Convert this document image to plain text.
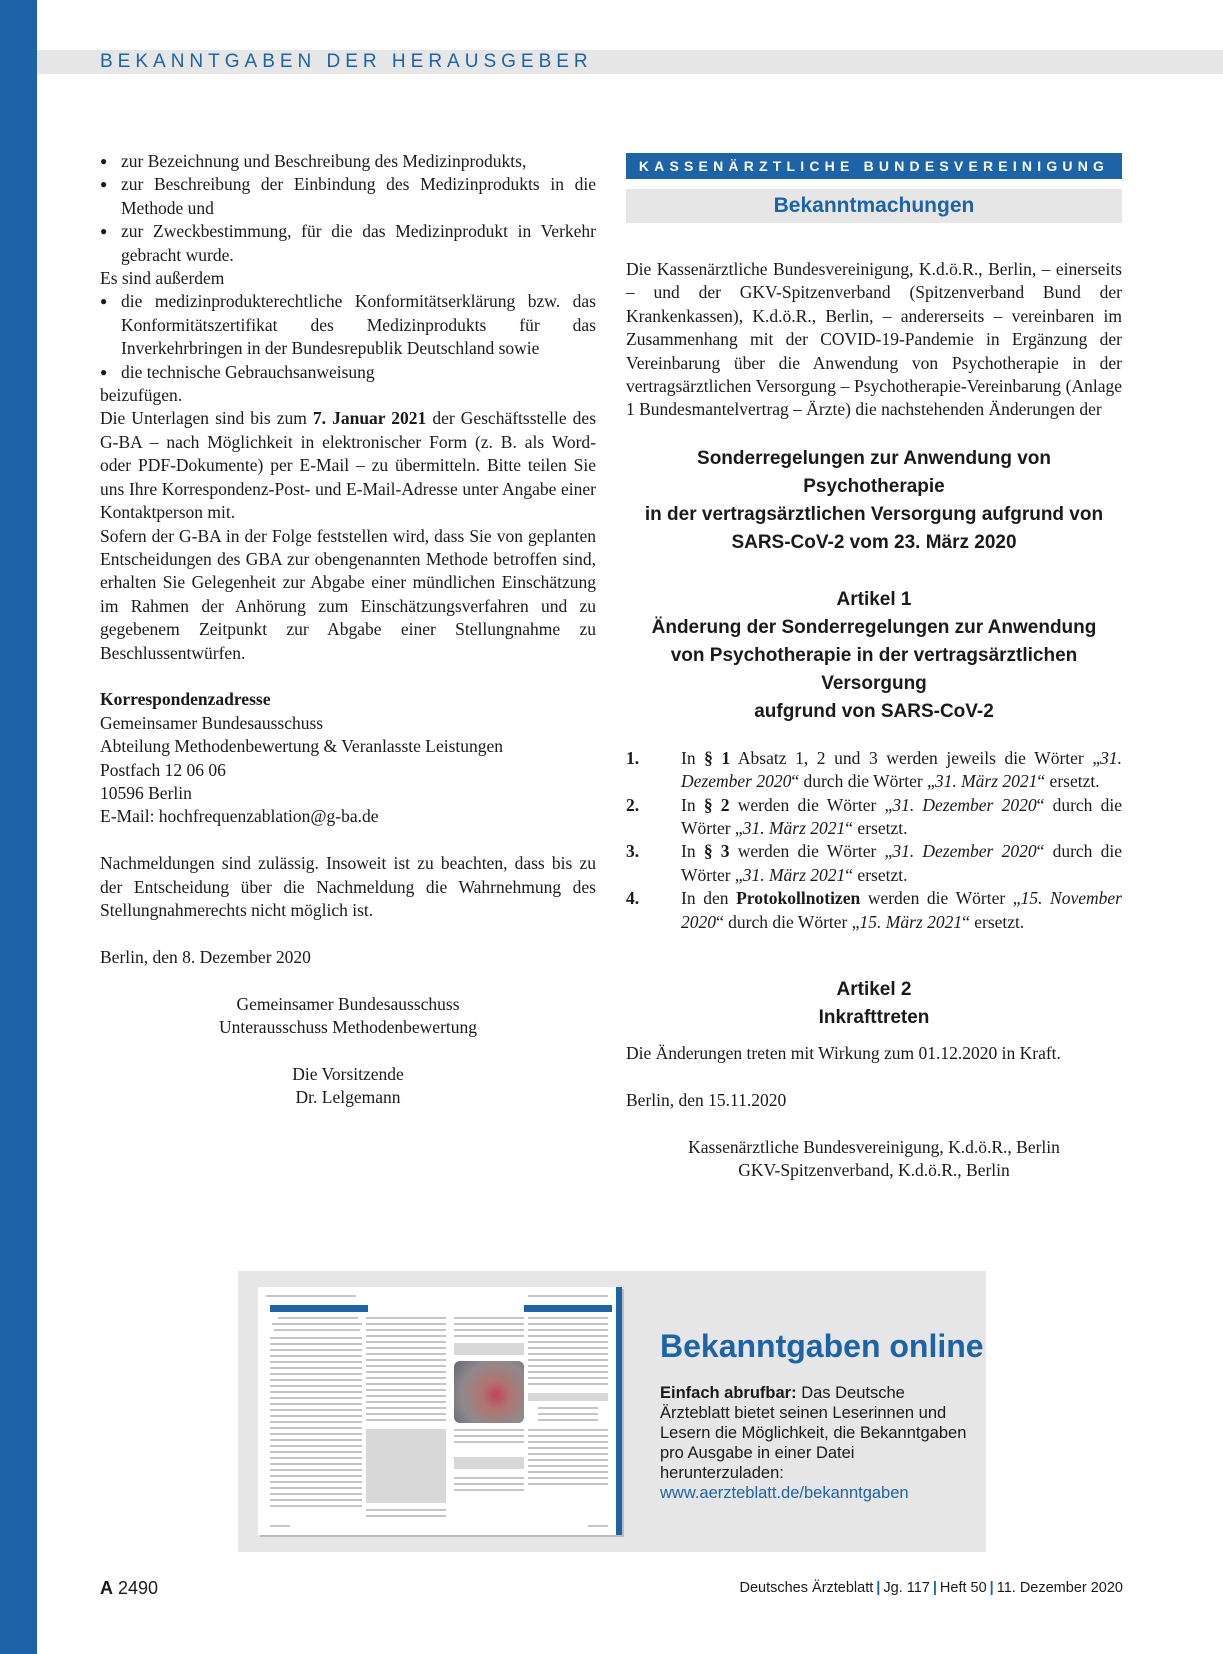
BEKANNTGABEN DER HERAUSGEBER
● zur Bezeichnung und Beschreibung des Medizinprodukts,
● zur Beschreibung der Einbindung des Medizinprodukts in die Methode und
● zur Zweckbestimmung, für die das Medizinprodukt in Verkehr gebracht wurde.

Es sind außerdem

● die medizinprodukterechtliche Konformitätserklärung bzw. das Konformitätszertifikat des Medizinprodukts für das Inverkehrbringen in der Bundesrepublik Deutschland sowie
● die technische Gebrauchsanweisung

beizufügen.

Die Unterlagen sind bis zum 7. Januar 2021 der Geschäftsstelle des G-BA – nach Möglichkeit in elektronischer Form (z. B. als Word- oder PDF-Dokumente) per E-Mail – zu übermitteln. Bitte teilen Sie uns Ihre Korrespondenz-Post- und E-Mail-Adresse unter Angabe einer Kontaktperson mit.

Sofern der G-BA in der Folge feststellen wird, dass Sie von geplanten Entscheidungen des GBA zur obengenannten Methode betroffen sind, erhalten Sie Gelegenheit zur Abgabe einer mündlichen Einschätzung im Rahmen der Anhörung zum Einschätzungsverfahren und zu gegebenem Zeitpunkt zur Abgabe einer Stellungnahme zu Beschlussentwürfen.

Korrespondenzadresse

Gemeinsamer Bundesausschuss
Abteilung Methodenbewertung & Veranlasste Leistungen
Postfach 12 06 06
10596 Berlin
E-Mail: hochfrequenzablation@g-ba.de

Nachmeldungen sind zulässig. Insoweit ist zu beachten, dass bis zu der Entscheidung über die Nachmeldung die Wahrnehmung des Stellungnahmerechts nicht möglich ist.

Berlin, den 8. Dezember 2020

Gemeinsamer Bundesausschuss

Unterausschuss Methodenbewertung

Die Vorsitzende

Dr. Lelgemann

KASSENÄRZTLICHE BUNDESVEREINIGUNG
Bekanntmachungen

Die Kassenärztliche Bundesvereinigung, K.d.ö.R., Berlin, – einerseits – und der GKV-Spitzenverband (Spitzenverband Bund der Krankenkassen), K.d.ö.R., Berlin, – andererseits – vereinbaren im Zusammenhang mit der COVID-19-Pandemie in Ergänzung der Vereinbarung über die Anwendung von Psychotherapie in der vertragsärztlichen Versorgung – Psychotherapie-Vereinbarung (Anlage 1 Bundesmantelvertrag – Ärzte) die nachstehenden Änderungen der

Sonderregelungen zur Anwendung von Psychotherapie

in der vertragsärztlichen Versorgung aufgrund von

SARS-CoV-2 vom 23. März 2020

Artikel 1

Änderung der Sonderregelungen zur Anwendung

von Psychotherapie in der vertragsärztlichen Versorgung

aufgrund von SARS-CoV-2

1. In § 1 Absatz 1, 2 und 3 werden jeweils die Wörter „31. Dezember 2020“ durch die Wörter „31. März 2021“ ersetzt.
2. In § 2 werden die Wörter „31. Dezember 2020“ durch die Wörter „31. März 2021“ ersetzt.
3. In § 3 werden die Wörter „31. Dezember 2020“ durch die Wörter „31. März 2021“ ersetzt.
4. In den Protokollnotizen werden die Wörter „15. November 2020“ durch die Wörter „15. März 2021“ ersetzt.

Artikel 2

Inkrafttreten

Die Änderungen treten mit Wirkung zum 01.12.2020 in Kraft.

Berlin, den 15.11.2020

Kassenärztliche Bundesvereinigung, K.d.ö.R., Berlin

GKV-Spitzenverband, K.d.ö.R., Berlin

Bekanntgaben online
Einfach abrufbar: Das Deutsche Ärzteblatt bietet seinen Leserinnen und Lesern die Möglichkeit, die Bekanntgaben pro Ausgabe in einer Datei herunterzuladen:
www.aerzteblatt.de/bekanntgaben
A 2490	Deutsches Ärzteblatt | Jg. 117 | Heft 50 | 11. Dezember 2020
